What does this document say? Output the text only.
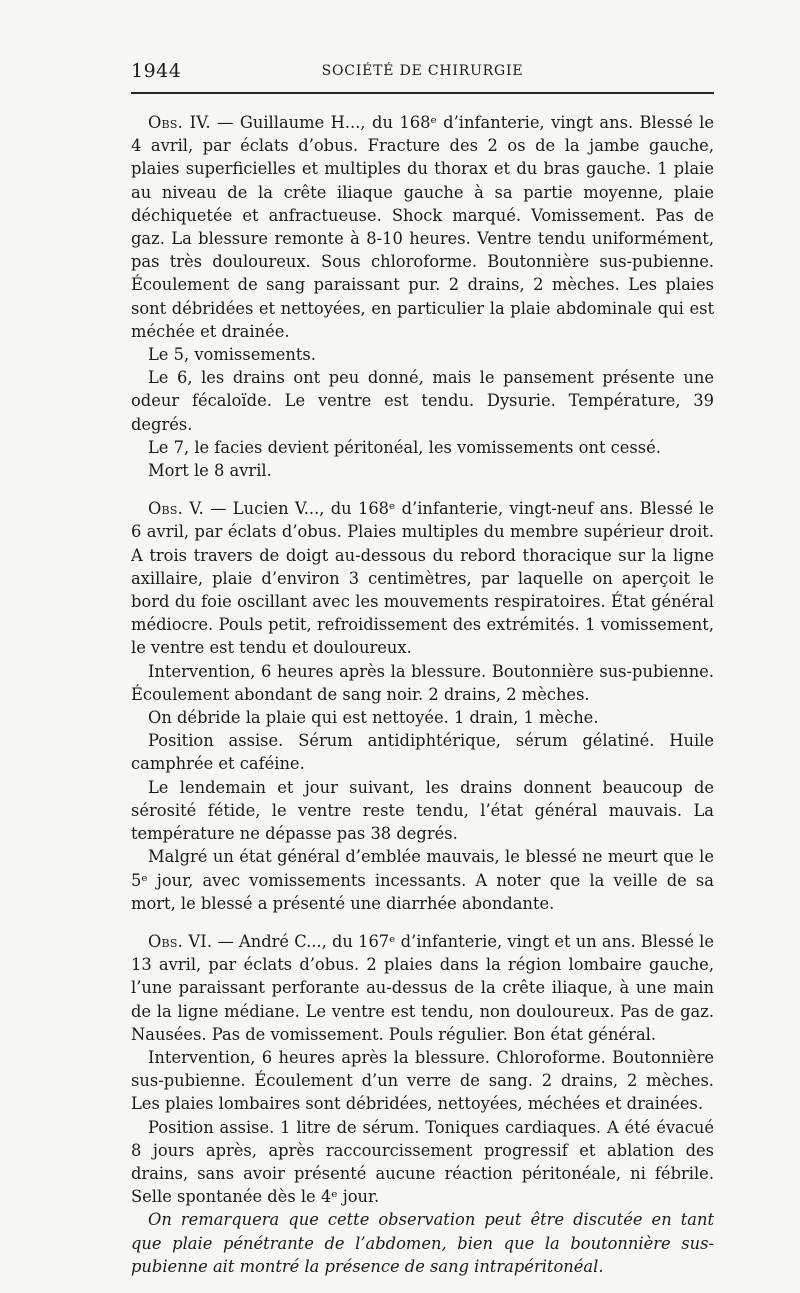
1944	SOCIÉTÉ DE CHIRURGIE

Obs. IV. — Guillaume H..., du 168ᵉ d’infanterie, vingt ans. Blessé le 4 avril, par éclats d’obus. Fracture des 2 os de la jambe gauche, plaies superficielles et multiples du thorax et du bras gauche. 1 plaie au niveau de la crête iliaque gauche à sa partie moyenne, plaie déchiquetée et anfractueuse. Shock marqué. Vomissement. Pas de gaz. La blessure remonte à 8-10 heures. Ventre tendu uniformément, pas très douloureux. Sous chloroforme. Boutonnière sus-pubienne. Écoulement de sang paraissant pur. 2 drains, 2 mèches. Les plaies sont débridées et nettoyées, en particulier la plaie abdominale qui est méchée et drainée.

Le 5, vomissements.

Le 6, les drains ont peu donné, mais le pansement présente une odeur fécaloïde. Le ventre est tendu. Dysurie. Température, 39 degrés.

Le 7, le facies devient péritonéal, les vomissements ont cessé.

Mort le 8 avril.

Obs. V. — Lucien V..., du 168ᵉ d’infanterie, vingt-neuf ans. Blessé le 6 avril, par éclats d’obus. Plaies multiples du membre supérieur droit. A trois travers de doigt au-dessous du rebord thoracique sur la ligne axillaire, plaie d’environ 3 centimètres, par laquelle on aperçoit le bord du foie oscillant avec les mouvements respiratoires. État général médiocre. Pouls petit, refroidissement des extrémités. 1 vomissement, le ventre est tendu et douloureux.

Intervention, 6 heures après la blessure. Boutonnière sus-pubienne. Écoulement abondant de sang noir. 2 drains, 2 mèches.

On débride la plaie qui est nettoyée. 1 drain, 1 mèche.

Position assise. Sérum antidiphtérique, sérum gélatiné. Huile camphrée et caféine.

Le lendemain et jour suivant, les drains donnent beaucoup de sérosité fétide, le ventre reste tendu, l’état général mauvais. La température ne dépasse pas 38 degrés.

Malgré un état général d’emblée mauvais, le blessé ne meurt que le 5ᵉ jour, avec vomissements incessants. A noter que la veille de sa mort, le blessé a présenté une diarrhée abondante.

Obs. VI. — André C..., du 167ᵉ d’infanterie, vingt et un ans. Blessé le 13 avril, par éclats d’obus. 2 plaies dans la région lombaire gauche, l’une paraissant perforante au-dessus de la crête iliaque, à une main de la ligne médiane. Le ventre est tendu, non douloureux. Pas de gaz. Nausées. Pas de vomissement. Pouls régulier. Bon état général.

Intervention, 6 heures après la blessure. Chloroforme. Boutonnière sus-pubienne. Écoulement d’un verre de sang. 2 drains, 2 mèches. Les plaies lombaires sont débridées, nettoyées, méchées et drainées.

Position assise. 1 litre de sérum. Toniques cardiaques. A été évacué 8 jours après, après raccourcissement progressif et ablation des drains, sans avoir présenté aucune réaction péritonéale, ni fébrile. Selle spontanée dès le 4ᵉ jour.

On remarquera que cette observation peut être discutée en tant que plaie pénétrante de l’abdomen, bien que la boutonnière sus-pubienne ait montré la présence de sang intrapéritonéal.
